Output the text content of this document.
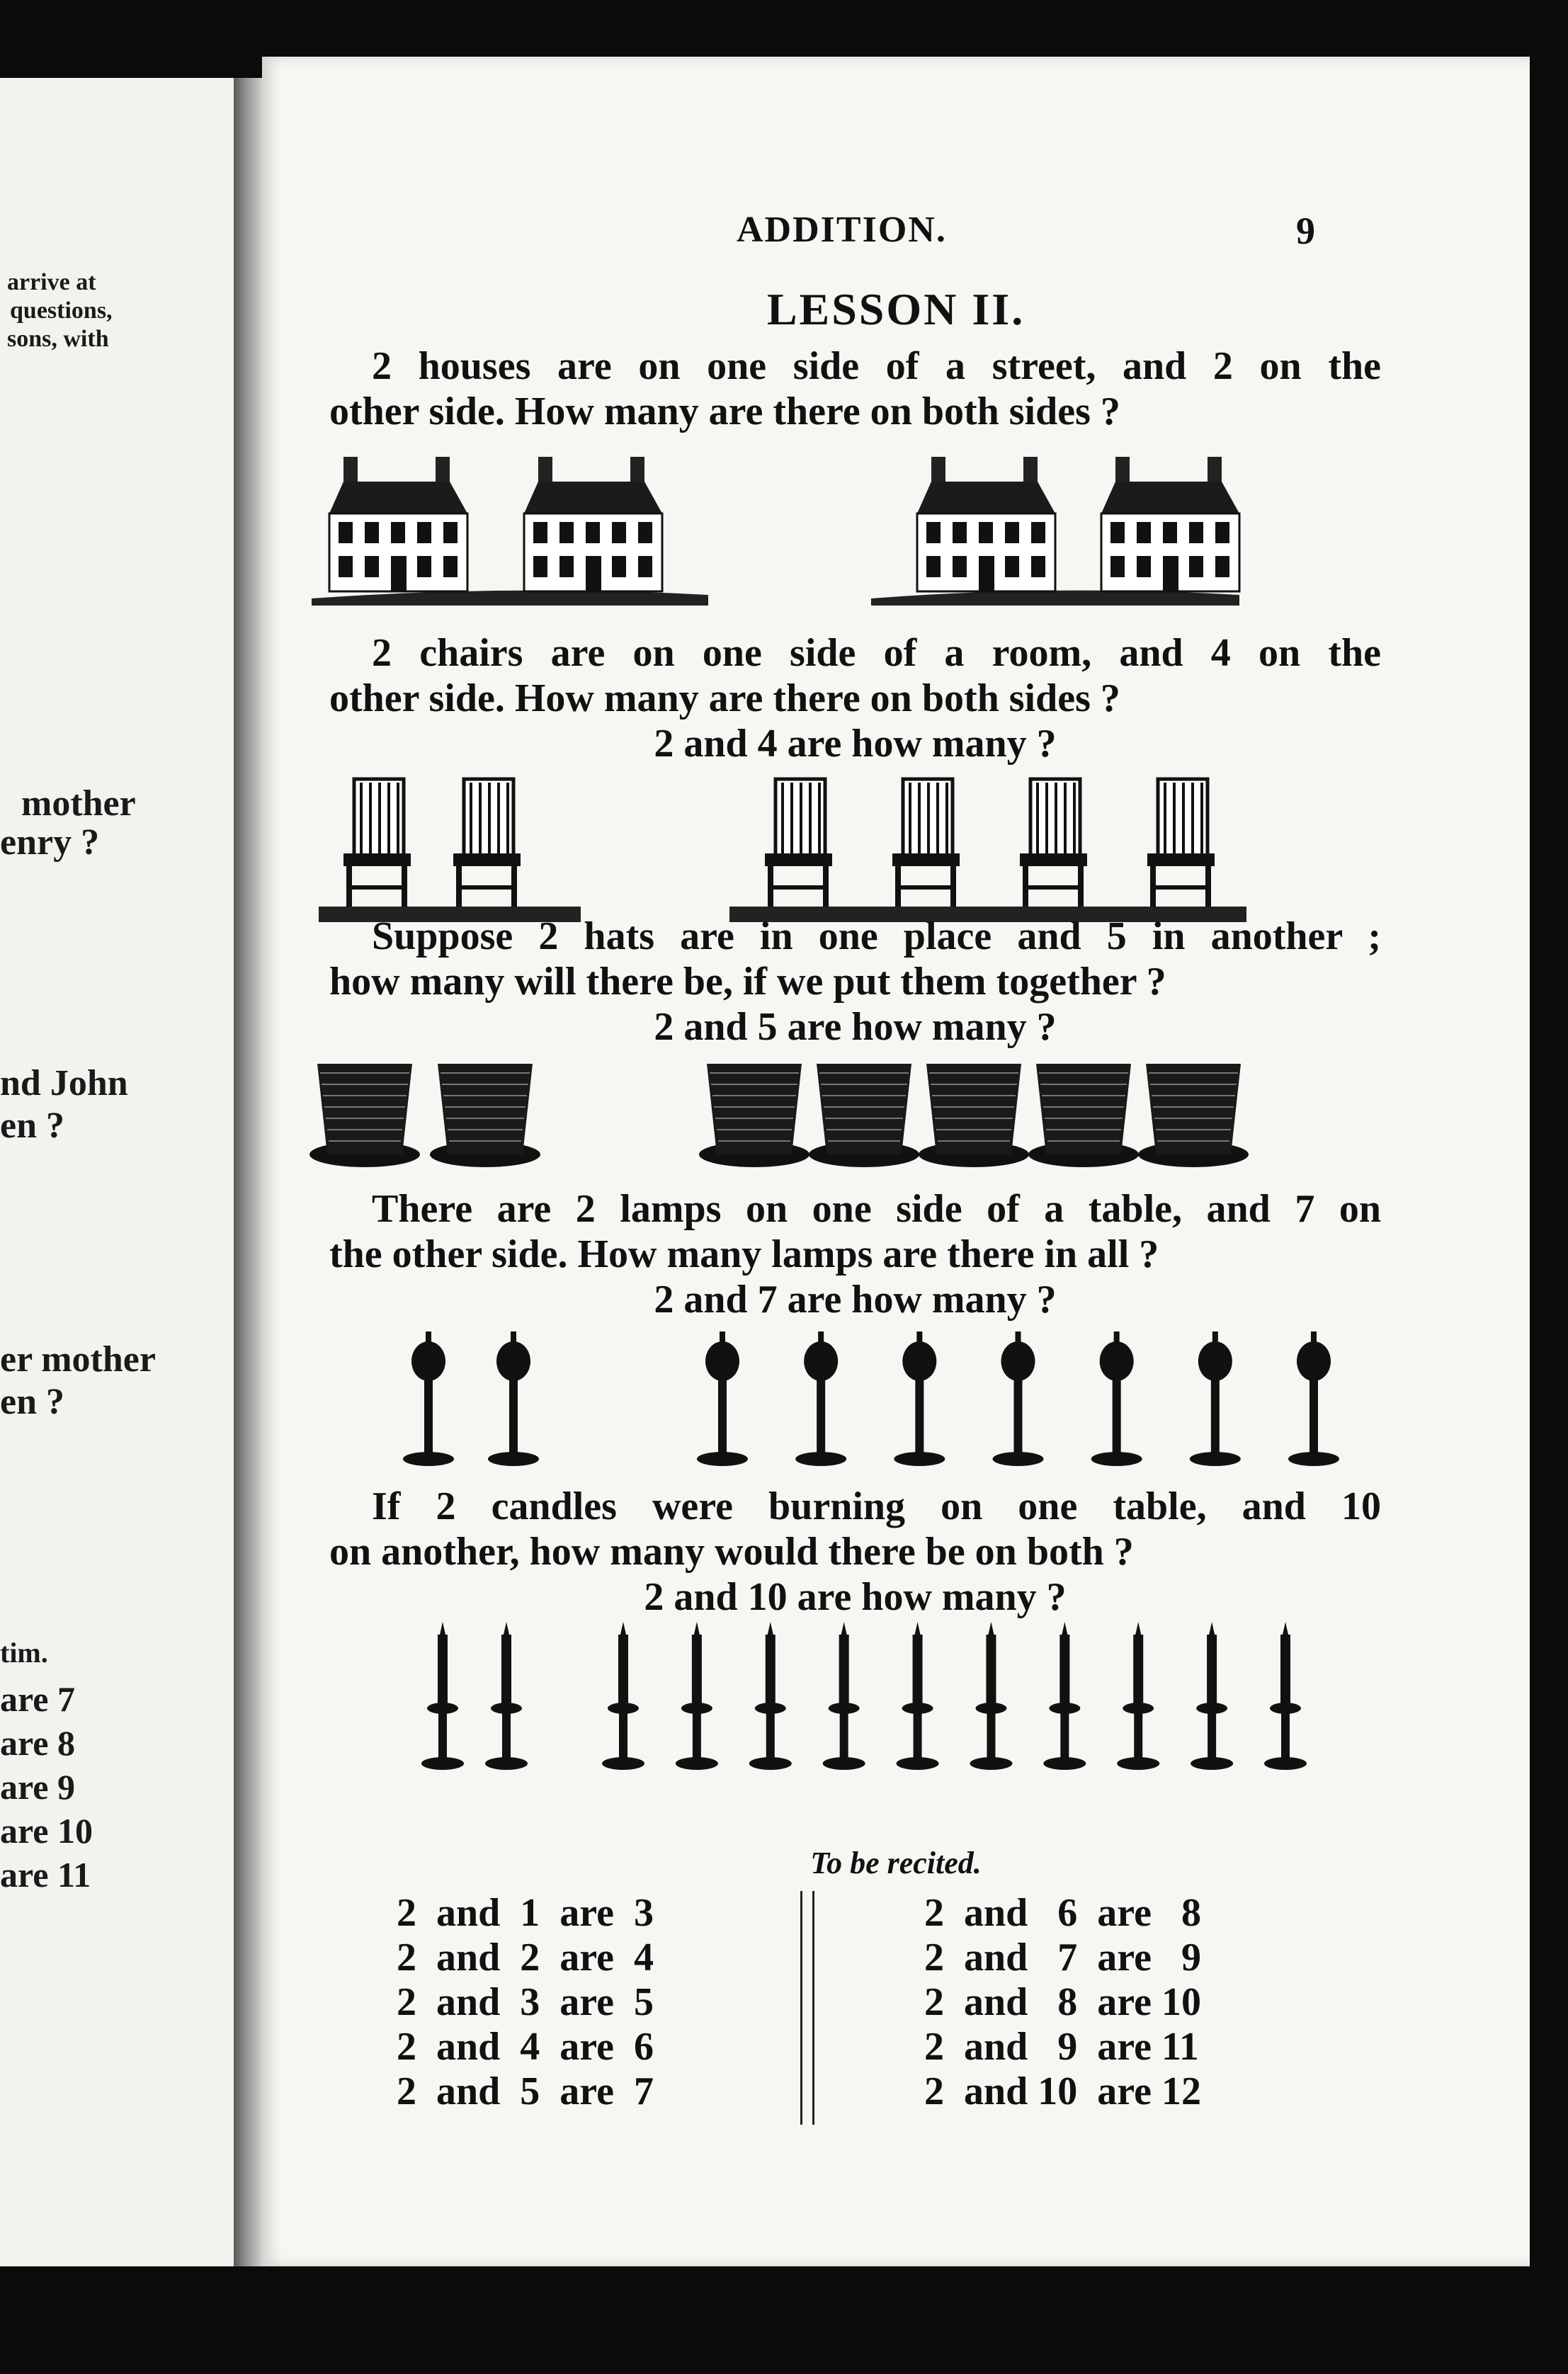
arrive at
questions,
sons, with
mother
enry ?
nd John
en ?
er mother
en ?
tim.
are 7
are 8
are 9
are 10
are 11
ADDITION.	9
LESSON II.
2 houses are on one side of a street, and 2 on the
other side. How many are there on both sides ?
2 chairs are on one side of a room, and 4 on the
other side. How many are there on both sides ?
2 and 4 are how many ?
Suppose 2 hats are in one place and 5 in another ;
how many will there be, if we put them together ?
2 and 5 are how many ?
There are 2 lamps on one side of a table, and 7 on
the other side. How many lamps are there in all ?
2 and 7 are how many ?
If 2 candles were burning on one table, and 10
on another, how many would there be on both ?
2 and 10 are how many ?
To be recited.
2  and  1  are  3
2  and  2  are  4
2  and  3  are  5
2  and  4  are  6
2  and  5  are  7
2  and   6  are   8
2  and   7  are   9
2  and   8  are 10
2  and   9  are 11
2  and 10  are 12
